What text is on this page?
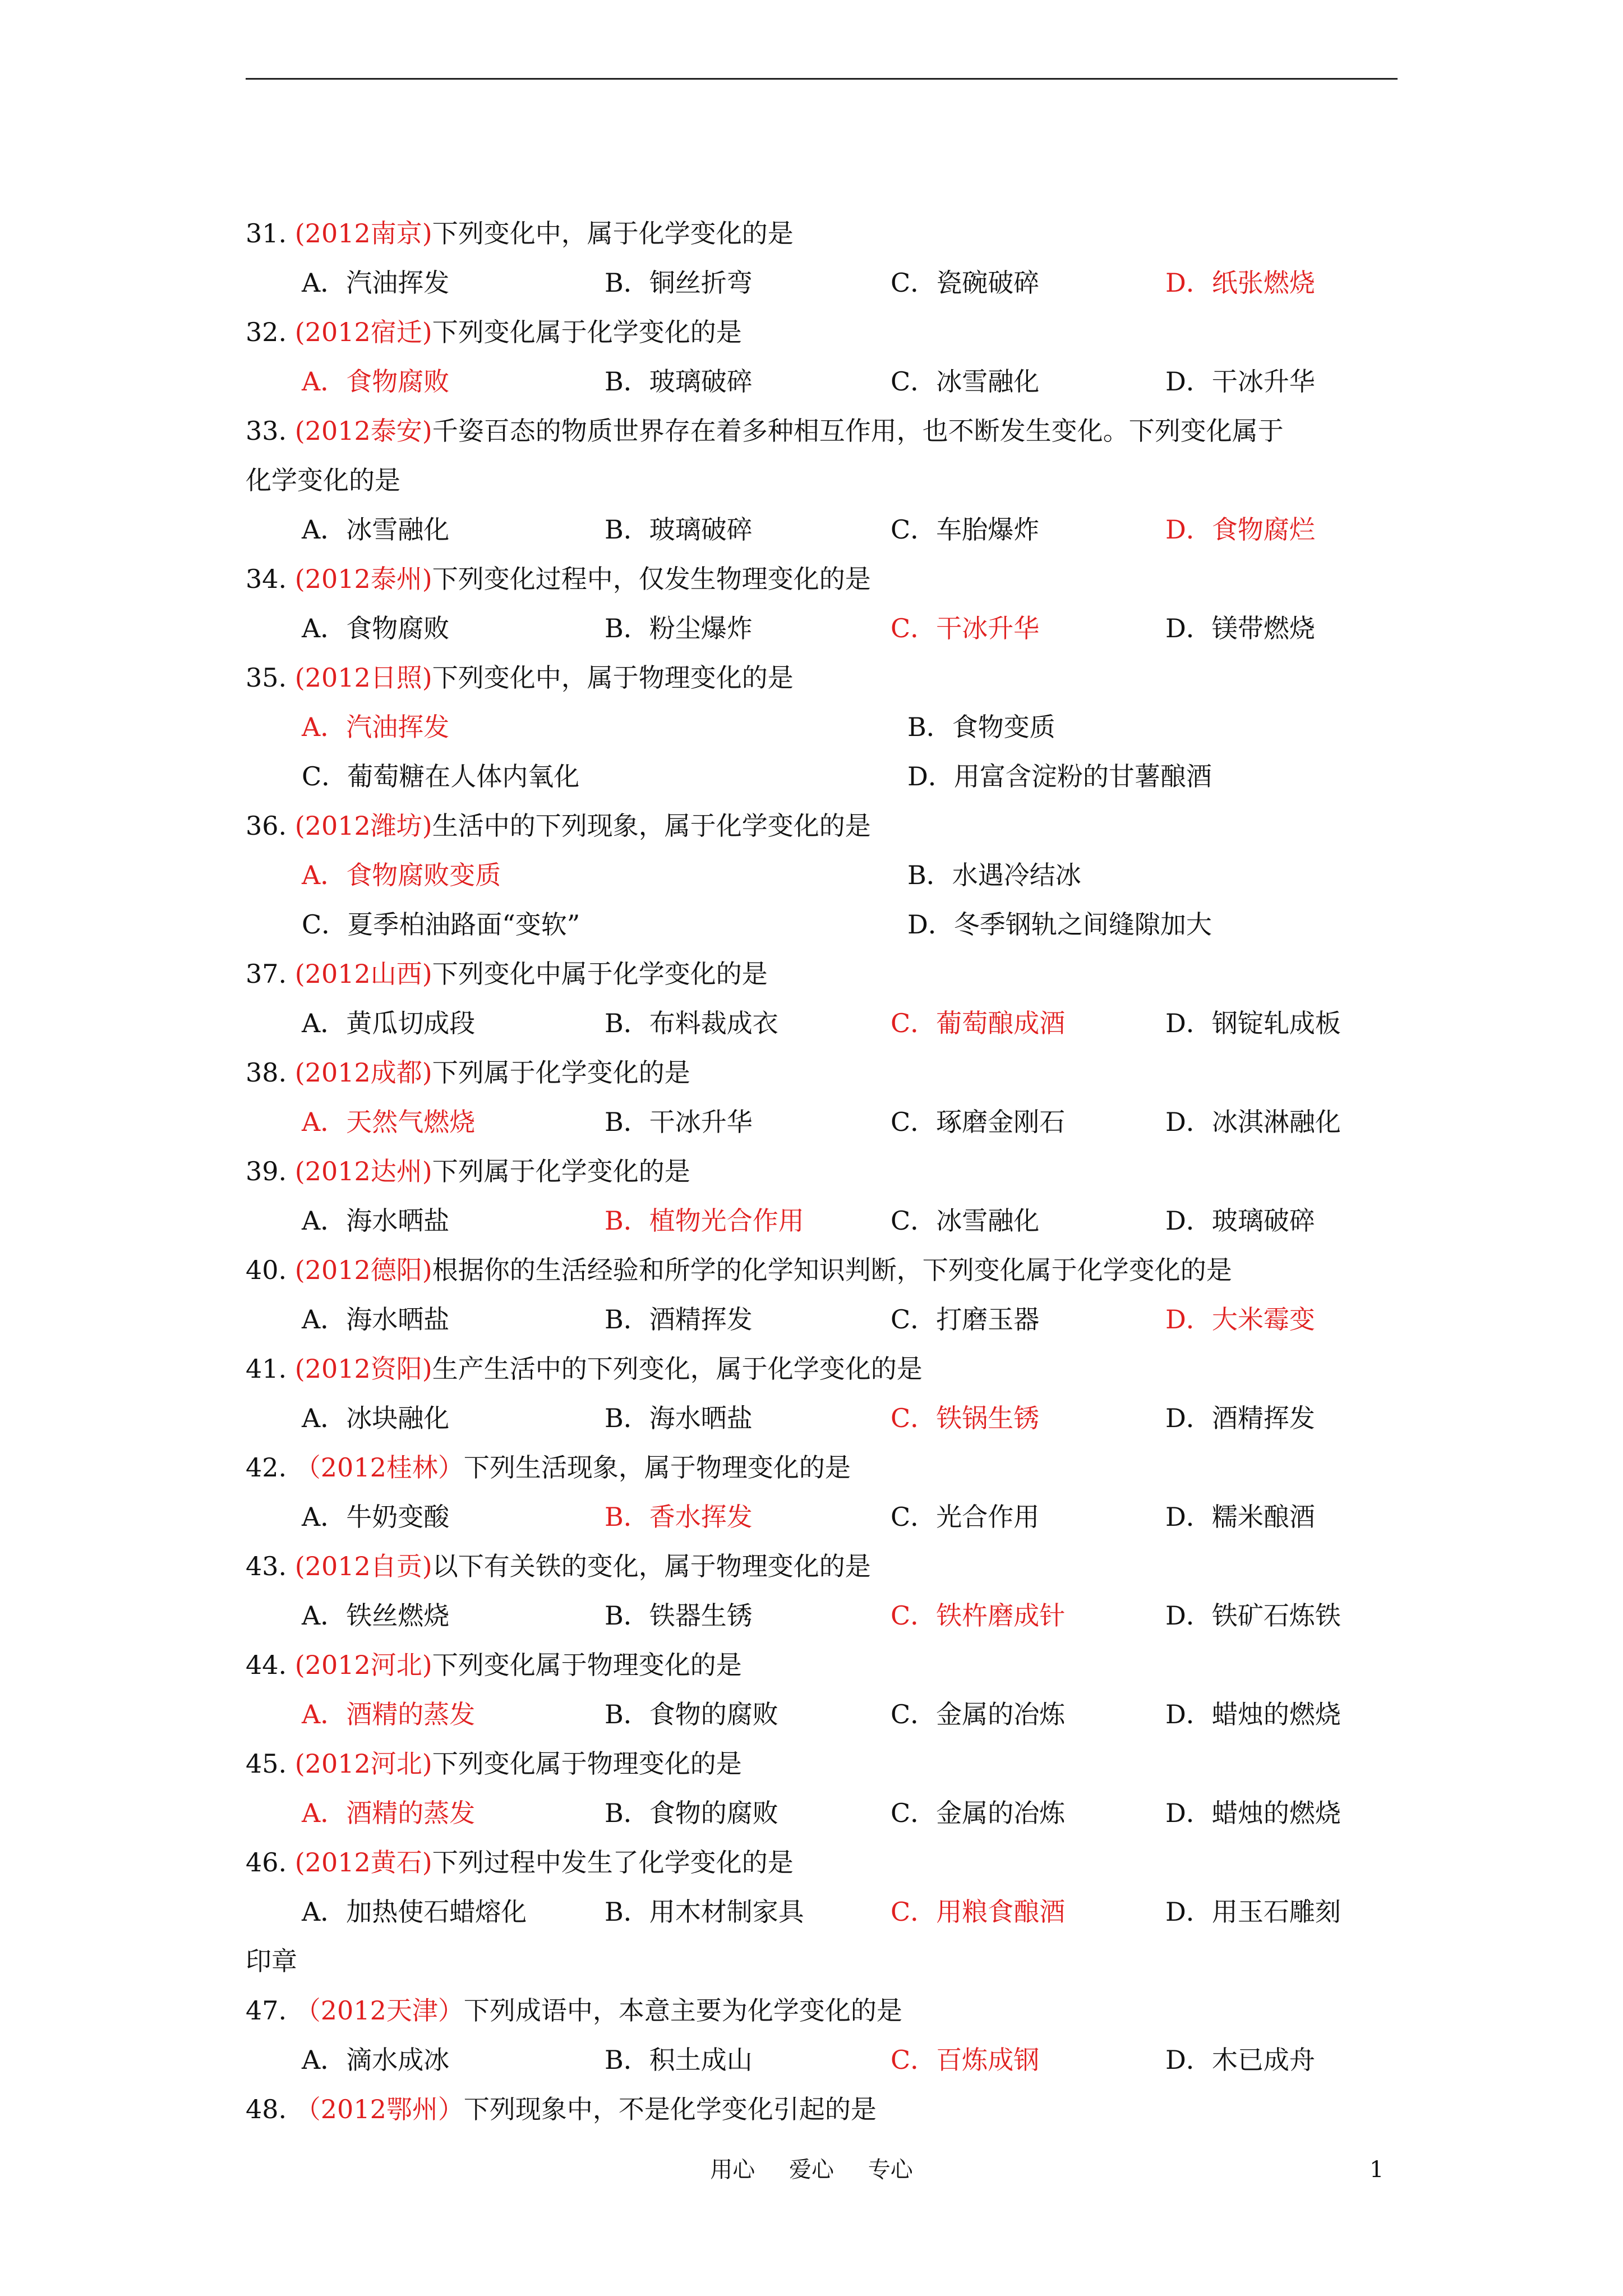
31. (2012南京)下列变化中，属于化学变化的是
A．汽油挥发	B．铜丝折弯	C．瓷碗破碎	D．纸张燃烧
32. (2012宿迁)下列变化属于化学变化的是
A．食物腐败	B．玻璃破碎	C．冰雪融化	D．干冰升华
33. (2012泰安)千姿百态的物质世界存在着多种相互作用，也不断发生变化。下列变化属于
化学变化的是
A．冰雪融化	B．玻璃破碎	C．车胎爆炸	D．食物腐烂
34. (2012泰州)下列变化过程中，仅发生物理变化的是
A．食物腐败	B．粉尘爆炸	C．干冰升华	D．镁带燃烧
35. (2012日照)下列变化中，属于物理变化的是
A．汽油挥发	B．食物变质
C．葡萄糖在人体内氧化	D．用富含淀粉的甘薯酿酒
36. (2012潍坊)生活中的下列现象，属于化学变化的是
A．食物腐败变质	B．水遇冷结冰
C．夏季柏油路面“变软”	D．冬季钢轨之间缝隙加大
37. (2012山西)下列变化中属于化学变化的是
A．黄瓜切成段	B．布料裁成衣	C．葡萄酿成酒	D．钢锭轧成板
38. (2012成都)下列属于化学变化的是
A．天然气燃烧	B．干冰升华	C．琢磨金刚石	D．冰淇淋融化
39. (2012达州)下列属于化学变化的是
A．海水晒盐	B．植物光合作用	C．冰雪融化	D．玻璃破碎
40. (2012德阳)根据你的生活经验和所学的化学知识判断，下列变化属于化学变化的是
A．海水晒盐	B．酒精挥发	C．打磨玉器	D．大米霉变
41. (2012资阳)生产生活中的下列变化，属于化学变化的是
A．冰块融化	B．海水晒盐	C．铁锅生锈	D．酒精挥发
42. （2012桂林）下列生活现象，属于物理变化的是
A．牛奶变酸	B．香水挥发	C．光合作用	D．糯米酿酒
43. (2012自贡)以下有关铁的变化，属于物理变化的是
A．铁丝燃烧	B．铁器生锈	C．铁杵磨成针	D．铁矿石炼铁
44. (2012河北)下列变化属于物理变化的是
A．酒精的蒸发	B．食物的腐败	C．金属的冶炼	D．蜡烛的燃烧
45. (2012河北)下列变化属于物理变化的是
A．酒精的蒸发	B．食物的腐败	C．金属的冶炼	D．蜡烛的燃烧
46. (2012黄石)下列过程中发生了化学变化的是
A．加热使石蜡熔化	B．用木材制家具	C．用粮食酿酒	D．用玉石雕刻
印章
47. （2012天津）下列成语中，本意主要为化学变化的是
A．滴水成冰	B．积土成山	C．百炼成钢	D．木已成舟
48. （2012鄂州）下列现象中，不是化学变化引起的是
用心 爱心 专心	1
